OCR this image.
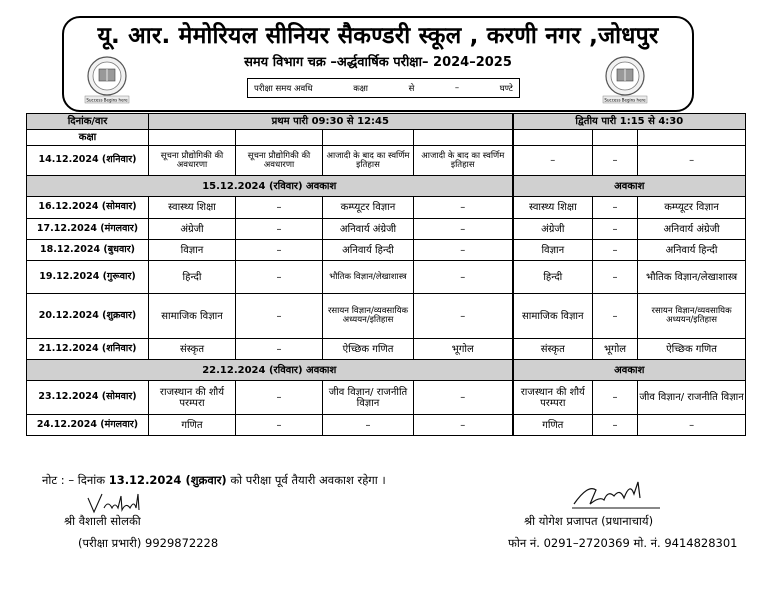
यू. आर. मेमोरियल सीनियर सैकण्डरी स्कूल , करणी नगर ,जोधपुर
समय विभाग चक्र –अर्द्धवार्षिक परीक्षा– 2024–2025
परीक्षा समय अवधि	कक्षा	से	–	घण्टे
Success Begins here	Success Begins here
दिनांक/वार	प्रथम पारी 09:30 से 12:45				द्वितीय पारी 1:15 से 4:30		
कक्षा							
14.12.2024 (शनिवार)	सूचना प्रौद्योगिकी की अवधारणा	सूचना प्रौद्योगिकी की अवधारणा	आजादी के बाद का स्वर्णिम इतिहास	आजादी के बाद का स्वर्णिम इतिहास	–	–	–
15.12.2024 (रविवार) अवकाश					अवकाश		
16.12.2024 (सोमवार)	स्वास्थ्य शिक्षा	–	कम्प्यूटर विज्ञान	–	स्वास्थ्य शिक्षा	–	कम्प्यूटर विज्ञान
17.12.2024 (मंगलवार)	अंग्रेजी	–	अनिवार्य अंग्रेजी	–	अंग्रेजी	–	अनिवार्य अंग्रेजी
18.12.2024 (बुधवार)	विज्ञान	–	अनिवार्य हिन्दी	–	विज्ञान	–	अनिवार्य हिन्दी
19.12.2024 (गुरूवार)	हिन्दी	–	भौतिक विज्ञान/लेखाशास्त्र	–	हिन्दी	–	भौतिक विज्ञान/लेखाशास्त्र
20.12.2024 (शुक्रवार)	सामाजिक विज्ञान	–	रसायन विज्ञान/व्यवसायिक अध्ययन/इतिहास	–	सामाजिक विज्ञान	–	रसायन विज्ञान/व्यवसायिक अध्ययन/इतिहास
21.12.2024 (शनिवार)	संस्कृत	–	ऐच्छिक गणित	भूगोल	संस्कृत	भूगोल	ऐच्छिक गणित
22.12.2024 (रविवार) अवकाश					अवकाश		
23.12.2024 (सोमवार)	राजस्थान की शौर्य परम्परा	–	जीव विज्ञान/ राजनीति विज्ञान	–	राजस्थान की शौर्य परम्परा	–	जीव विज्ञान/ राजनीति विज्ञान
24.12.2024 (मंगलवार)	गणित	–	–	–	गणित	–	–
नोट : – दिनांक 13.12.2024 (शुक्रवार) को परीक्षा पूर्व तैयारी अवकाश रहेगा ।
श्री वैशाली सोलकी
(परीक्षा प्रभारी) 9929872228
श्री योगेश प्रजापत (प्रधानाचार्य)
फोन नं. 0291–2720369 मो. नं. 9414828301
